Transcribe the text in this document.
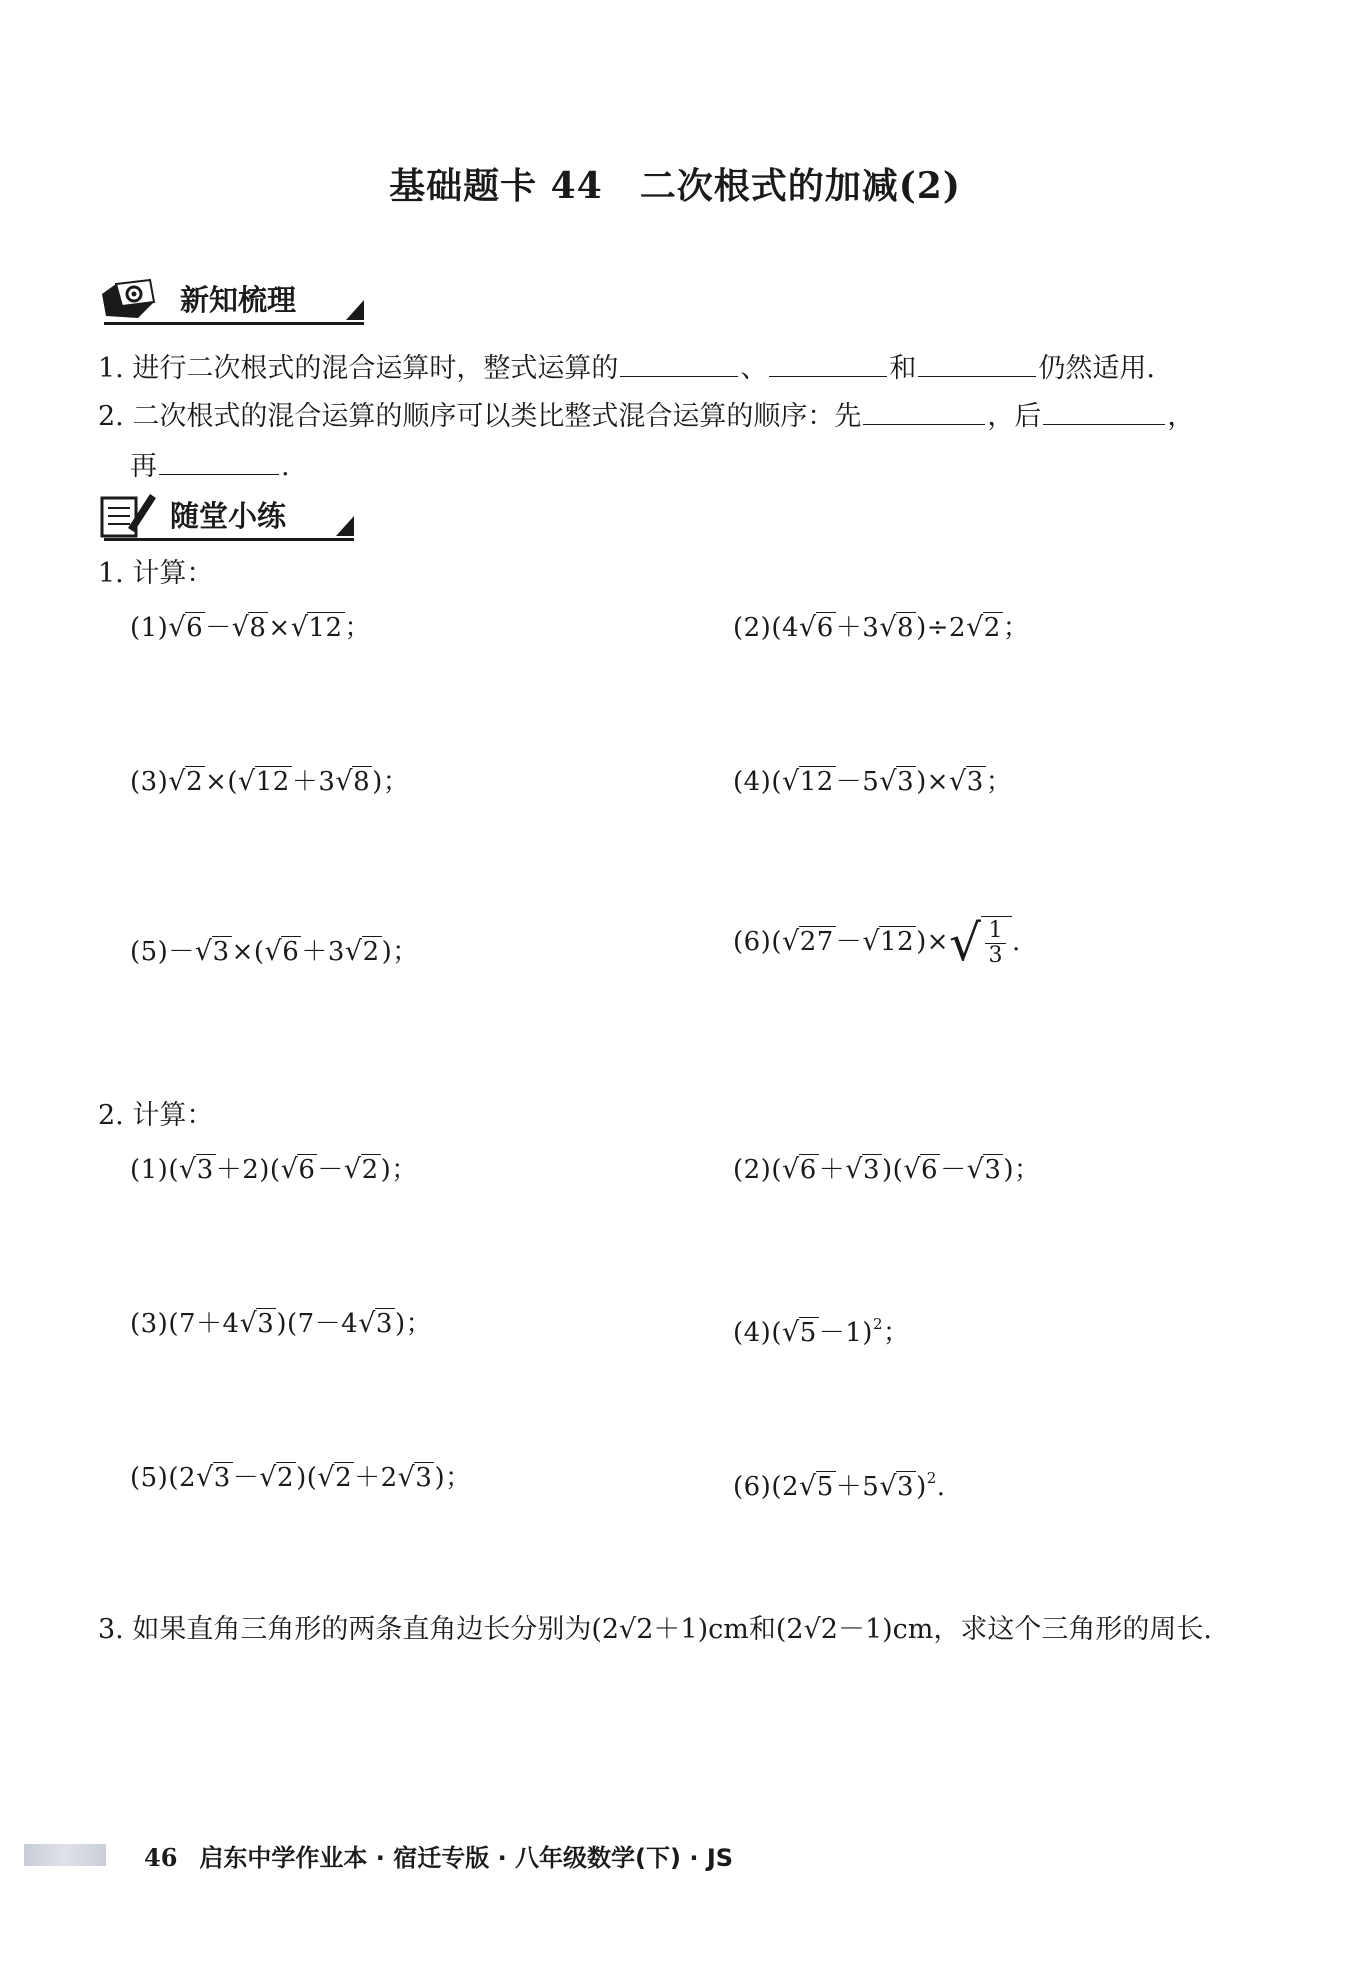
基础题卡 44　二次根式的加减(2)
新知梳理
1. 进行二次根式的混合运算时，整式运算的	、	和	仍然适用.
2. 二次根式的混合运算的顺序可以类比整式混合运算的顺序：先	，后	，
再	.
随堂小练
1. 计算：
(1)√6－√8×√12；	(2)(4√6＋3√8)÷2√2；
(3)√2×(√12＋3√8)；	(4)(√12－5√3)×√3；
(5)－√3×(√6＋3√2)；	(6)(√27－√12)× √ $\frac{1}{3}$ .
2. 计算：
(1)(√3＋2)(√6－√2)；	(2)(√6＋√3)(√6－√3)；
(3)(7＋4√3)(7－4√3)；	$(4)(√5-1)^2$；
(5)(2√3－√2)(√2＋2√3)；	$(6)(2√5+5√3)^2$.
3. 如果直角三角形的两条直角边长分别为(2√2＋1)cm和(2√2－1)cm，求这个三角形的周长.
46 启东中学作业本 · 宿迁专版 · 八年级数学(下) · JS
